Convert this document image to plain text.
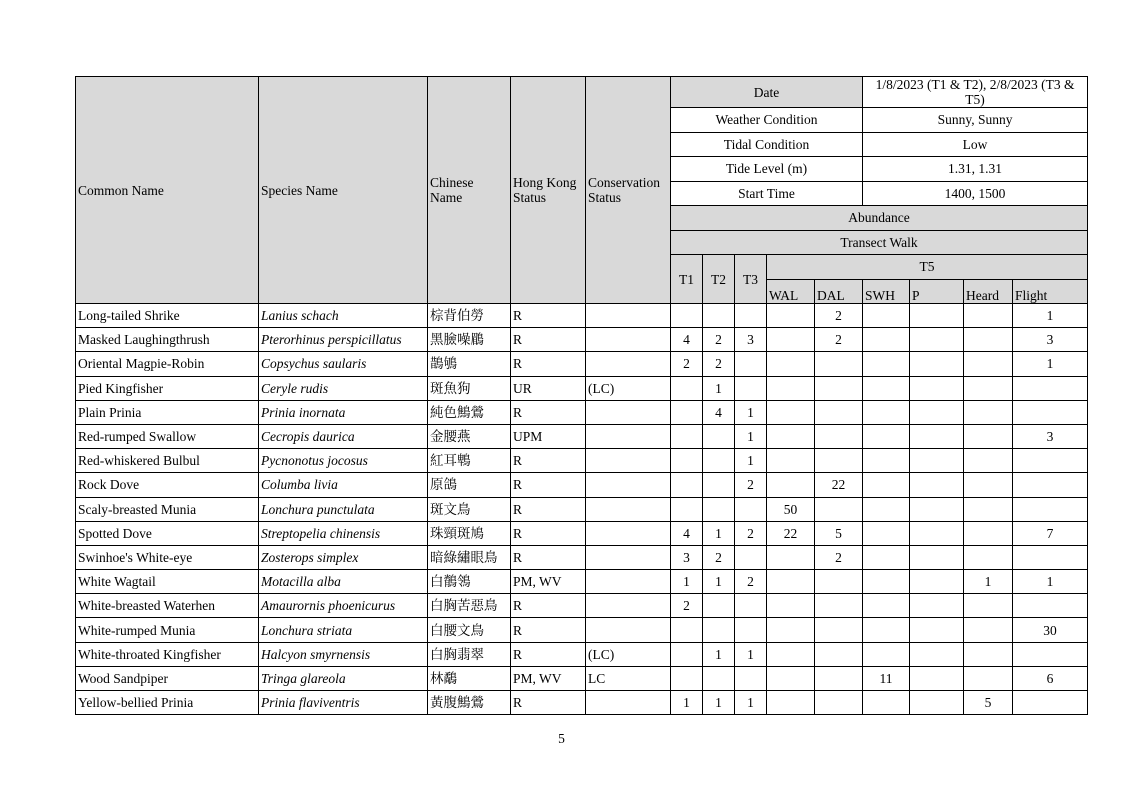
Common Name	Species Name	Chinese Name	Hong Kong Status	Conservation Status	Date					1/8/2023 (T1 & T2), 2/8/2023 (T3 & T5)			

					Weather Condition					Sunny, Sunny			
					Tidal Condition					Low			
					Tide Level (m)					1.31, 1.31			
					Start Time					1400, 1500			
					Abundance								
					Transect Walk								
					T1	T2	T3	T5					
								WAL	DAL	SWH	P	Heard	Flight
Long-tailed Shrike	Lanius schach	棕背伯勞	R						2				1
Masked Laughingthrush	Pterorhinus perspicillatus	黑臉噪鶥	R		4	2	3		2				3
Oriental Magpie-Robin	Copsychus saularis	鵲鴝	R		2	2							1
Pied Kingfisher	Ceryle rudis	斑魚狗	UR	(LC)		1							
Plain Prinia	Prinia inornata	純色鷦鶯	R			4	1						
Red-rumped Swallow	Cecropis daurica	金腰燕	UPM				1						3
Red-whiskered Bulbul	Pycnonotus jocosus	紅耳鵯	R				1						
Rock Dove	Columba livia	原鴿	R				2		22				
Scaly-breasted Munia	Lonchura punctulata	斑文鳥	R					50					
Spotted Dove	Streptopelia chinensis	珠頸斑鳩	R		4	1	2	22	5				7
Swinhoe's White-eye	Zosterops simplex	暗綠繡眼鳥	R		3	2			2				
White Wagtail	Motacilla alba	白鶺鴒	PM, WV		1	1	2					1	1
White-breasted Waterhen	Amaurornis phoenicurus	白胸苦惡鳥	R		2								
White-rumped Munia	Lonchura striata	白腰文鳥	R										30
White-throated Kingfisher	Halcyon smyrnensis	白胸翡翠	R	(LC)		1	1						
Wood Sandpiper	Tringa glareola	林鷸	PM, WV	LC						11			6
Yellow-bellied Prinia	Prinia flaviventris	黃腹鷦鶯	R		1	1	1					5	
5
